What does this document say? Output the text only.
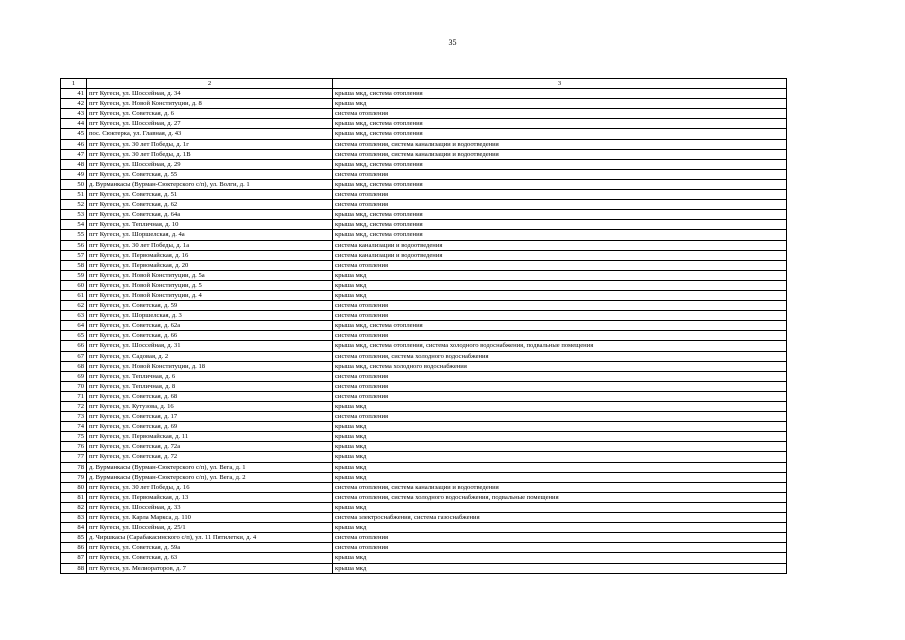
35
1	2	3
41	пгт Кугеси, ул. Шоссейная, д. 34	крыша мкд, система отопления
42	пгт Кугеси, ул. Новой Конституции, д. 8	крыша мкд
43	пгт Кугеси, ул. Советская, д. 6	система отопления
44	пгт Кугеси, ул. Шоссейная, д. 27	крыша мкд, система отопления
45	пос. Сюктерка, ул. Главная, д. 43	крыша мкд, система отопления
46	пгт Кугеси, ул. 30 лет Победы, д. 1г	система отопления, система канализации и водоотведения
47	пгт Кугеси, ул. 30 лет Победы, д. 1В	система отопления, система канализации и водоотведения
48	пгт Кугеси, ул. Шоссейная, д. 29	крыша мкд, система отопления
49	пгт Кугеси, ул. Советская, д. 55	система отопления
50	д. Вурманкасы (Вурман-Сюктерского с/п), ул. Волги, д. 1	крыша мкд, система отопления
51	пгт Кугеси, ул. Советская, д. 51	система отопления
52	пгт Кугеси, ул. Советская, д. 62	система отопления
53	пгт Кугеси, ул. Советская, д. 64а	крыша мкд, система отопления
54	пгт Кугеси, ул. Тепличная, д. 10	крыша мкд, система отопления
55	пгт Кугеси, ул. Шоршелская, д. 4а	крыша мкд, система отопления
56	пгт Кугеси, ул. 30 лет Победы, д. 1а	система канализации и водоотведения
57	пгт Кугеси, ул. Первомайская, д. 16	система канализации и водоотведения
58	пгт Кугеси, ул. Первомайская, д. 20	система отопления
59	пгт Кугеси, ул. Новой Конституции, д. 5а	крыша мкд
60	пгт Кугеси, ул. Новой Конституции, д. 5	крыша мкд
61	пгт Кугеси, ул. Новой Конституции, д. 4	крыша мкд
62	пгт Кугеси, ул. Советская, д. 59	система отопления
63	пгт Кугеси, ул. Шоршелская, д. 3	система отопления
64	пгт Кугеси, ул. Советская, д. 62а	крыша мкд, система отопления
65	пгт Кугеси, ул. Советская, д. 66	система отопления
66	пгт Кугеси, ул. Шоссейная, д. 31	крыша мкд, система отопления, система холодного водоснабжения, подвальные помещения
67	пгт Кугеси, ул. Садовая, д. 2	система отопления, система холодного водоснабжения
68	пгт Кугеси, ул. Новой Конституции, д. 18	крыша мкд, система холодного водоснабжения
69	пгт Кугеси, ул. Тепличная, д. 6	система отопления
70	пгт Кугеси, ул. Тепличная, д. 8	система отопления
71	пгт Кугеси, ул. Советская, д. 68	система отопления
72	пгт Кугеси, ул. Кутузова, д. 16	крыша мкд
73	пгт Кугеси, ул. Советская, д. 17	система отопления
74	пгт Кугеси, ул. Советская, д. 69	крыша мкд
75	пгт Кугеси, ул. Первомайская, д. 11	крыша мкд
76	пгт Кугеси, ул. Советская, д. 72а	крыша мкд
77	пгт Кугеси, ул. Советская, д. 72	крыша мкд
78	д. Вурманкасы (Вурман-Сюктерского с/п), ул. Вега, д. 1	крыша мкд
79	д. Вурманкасы (Вурман-Сюктерского с/п), ул. Вега, д. 2	крыша мкд
80	пгт Кугеси, ул. 30 лет Победы, д. 16	система отопления, система канализации и водоотведения
81	пгт Кугеси, ул. Первомайская, д. 13	система отопления, система холодного водоснабжения, подвальные помещения
82	пгт Кугеси, ул. Шоссейная, д. 33	крыша мкд
83	пгт Кугеси, ул. Карла Маркса, д. 110	система электроснабжения, система газоснабжения
84	пгт Кугеси, ул. Шоссейная, д. 25/1	крыша мкд
85	д. Чиршкасы (Сарабакасинского с/п), ул. 11 Пятилетки, д. 4	система отопления
86	пгт Кугеси, ул. Советская, д. 59а	система отопления
87	пгт Кугеси, ул. Советская, д. 63	крыша мкд
88	пгт Кугеси, ул. Мелиораторов, д. 7	крыша мкд
